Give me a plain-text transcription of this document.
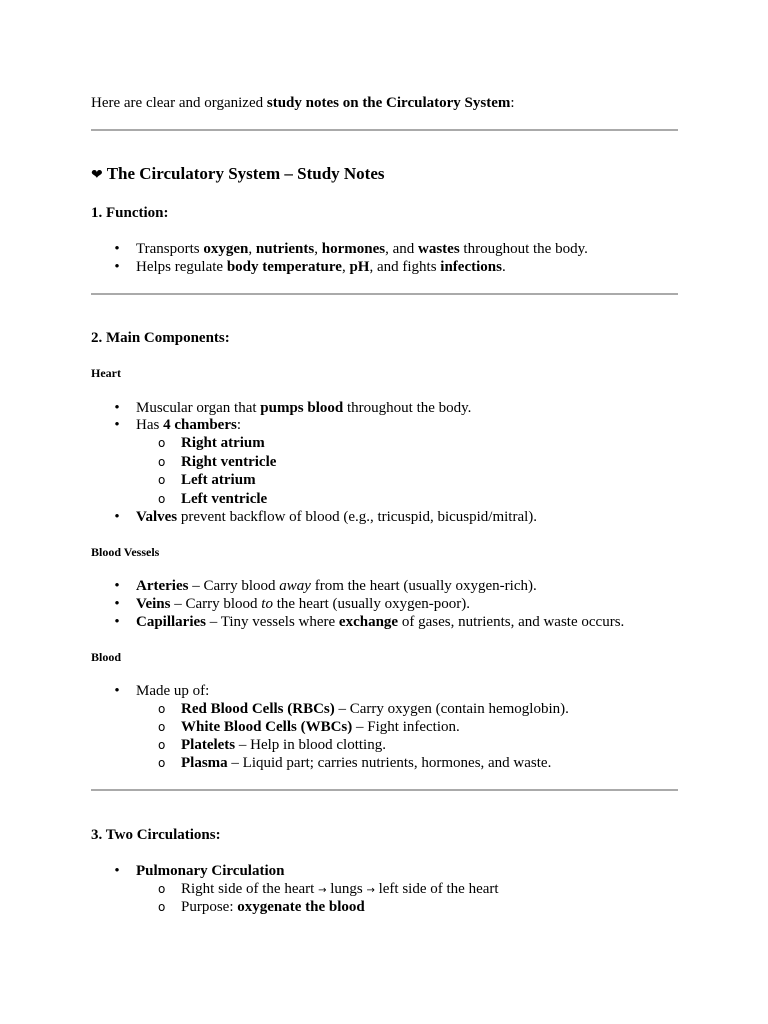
Here are clear and organized study notes on the Circulatory System:
❤ The Circulatory System – Study Notes
1. Function:
• Transports oxygen, nutrients, hormones, and wastes throughout the body.
• Helps regulate body temperature, pH, and fights infections.
2. Main Components:
Heart
• Muscular organ that pumps blood throughout the body.
• Has 4 chambers:
o Right atrium
o Right ventricle
o Left atrium
o Left ventricle
• Valves prevent backflow of blood (e.g., tricuspid, bicuspid/mitral).
Blood Vessels
• Arteries – Carry blood away from the heart (usually oxygen-rich).
• Veins – Carry blood to the heart (usually oxygen-poor).
• Capillaries – Tiny vessels where exchange of gases, nutrients, and waste occurs.
Blood
• Made up of:
o Red Blood Cells (RBCs) – Carry oxygen (contain hemoglobin).
o White Blood Cells (WBCs) – Fight infection.
o Platelets – Help in blood clotting.
o Plasma – Liquid part; carries nutrients, hormones, and waste.
3. Two Circulations:
• Pulmonary Circulation
o Right side of the heart → lungs → left side of the heart
o Purpose: oxygenate the blood
